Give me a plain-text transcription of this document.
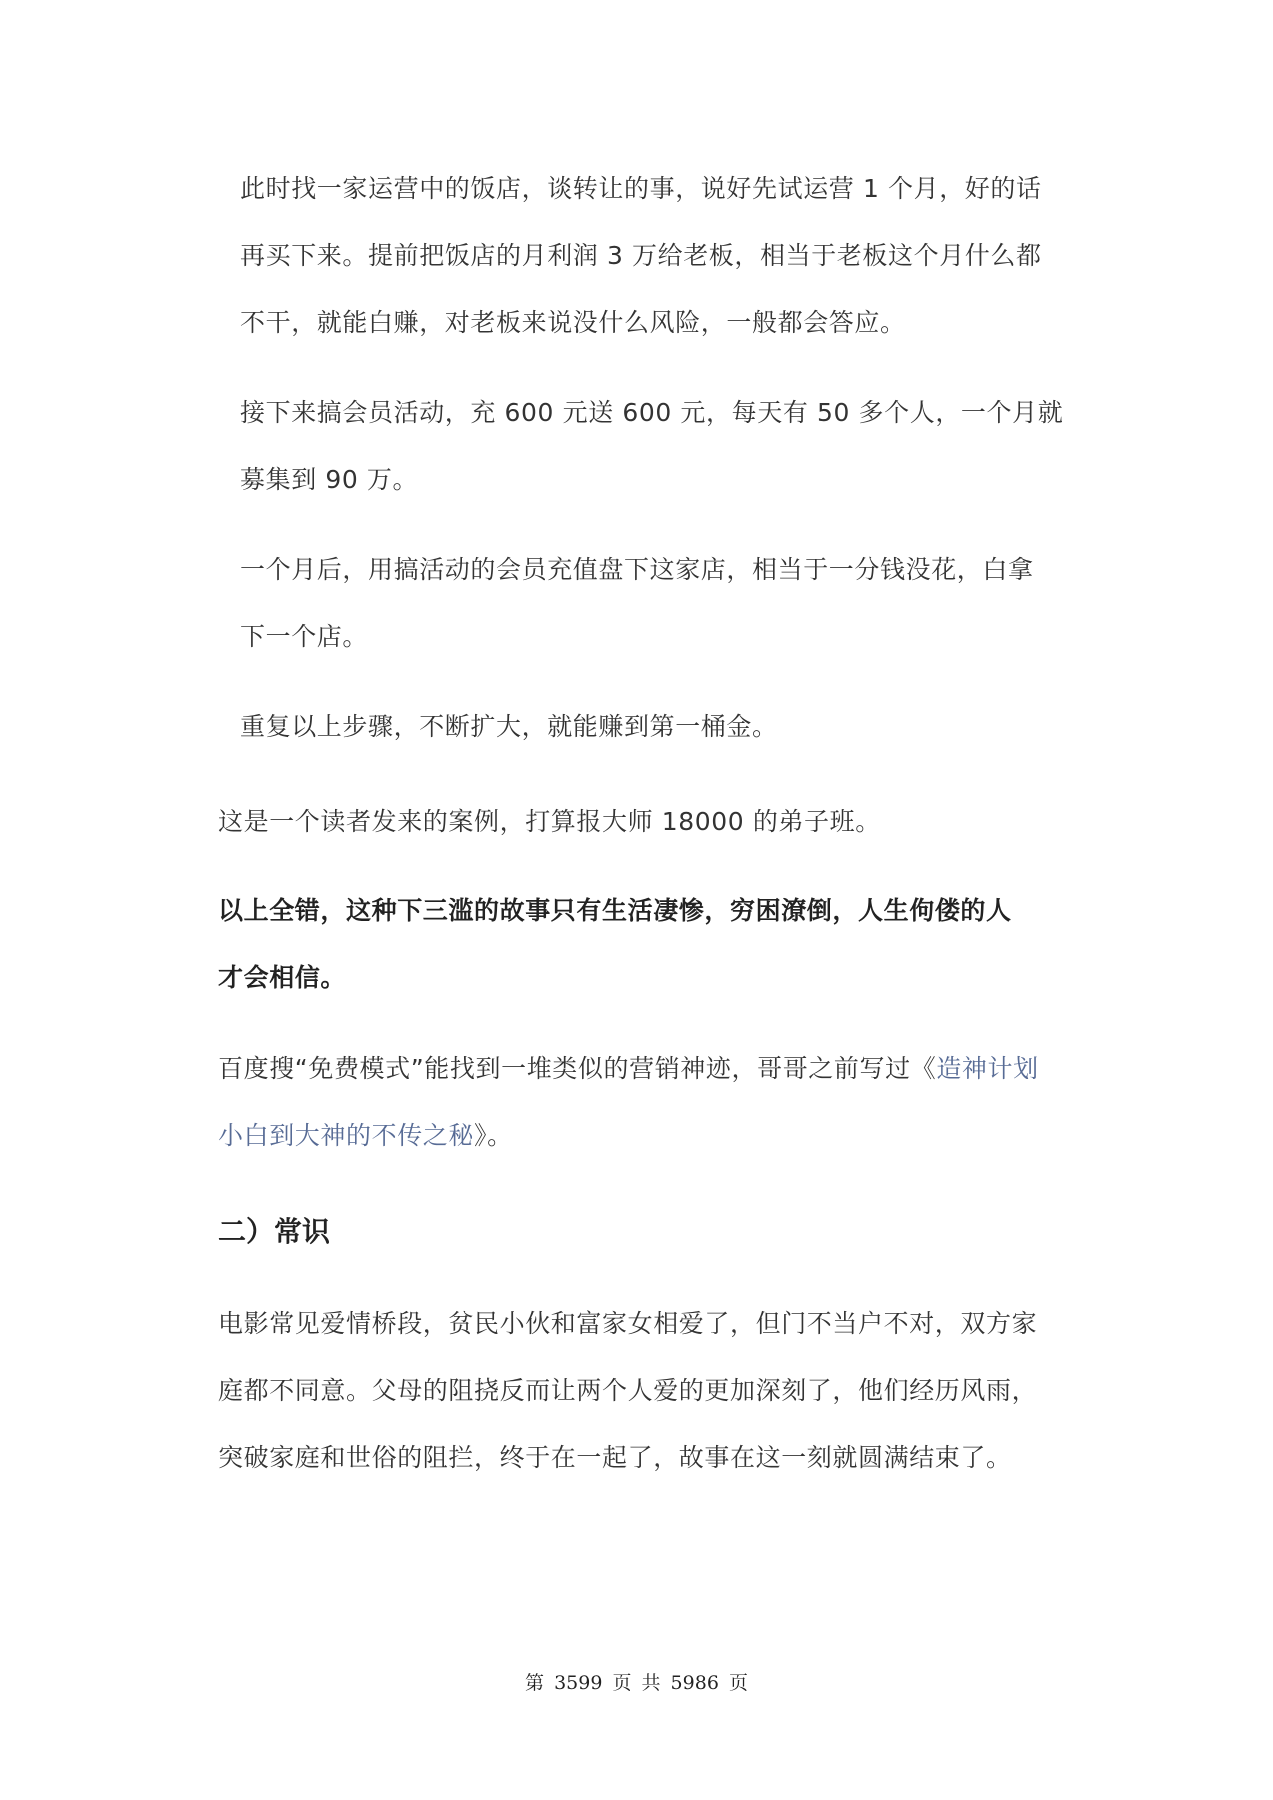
此时找一家运营中的饭店，谈转让的事，说好先试运营 1 个月，好的话
再买下来。提前把饭店的月利润 3 万给老板，相当于老板这个月什么都
不干，就能白赚，对老板来说没什么风险，一般都会答应。
接下来搞会员活动，充 600 元送 600 元，每天有 50 多个人，一个月就
募集到 90 万。
一个月后，用搞活动的会员充值盘下这家店，相当于一分钱没花，白拿
下一个店。
重复以上步骤，不断扩大，就能赚到第一桶金。
这是一个读者发来的案例，打算报大师 18000 的弟子班。
以上全错，这种下三滥的故事只有生活凄惨，穷困潦倒，人生佝偻的人
才会相信。
百度搜“免费模式”能找到一堆类似的营销神迹，哥哥之前写过《造神计划
小白到大神的不传之秘》。
二）常识
电影常见爱情桥段，贫民小伙和富家女相爱了，但门不当户不对，双方家
庭都不同意。父母的阻挠反而让两个人爱的更加深刻了，他们经历风雨，
突破家庭和世俗的阻拦，终于在一起了，故事在这一刻就圆满结束了。
第 3599 页 共 5986 页
